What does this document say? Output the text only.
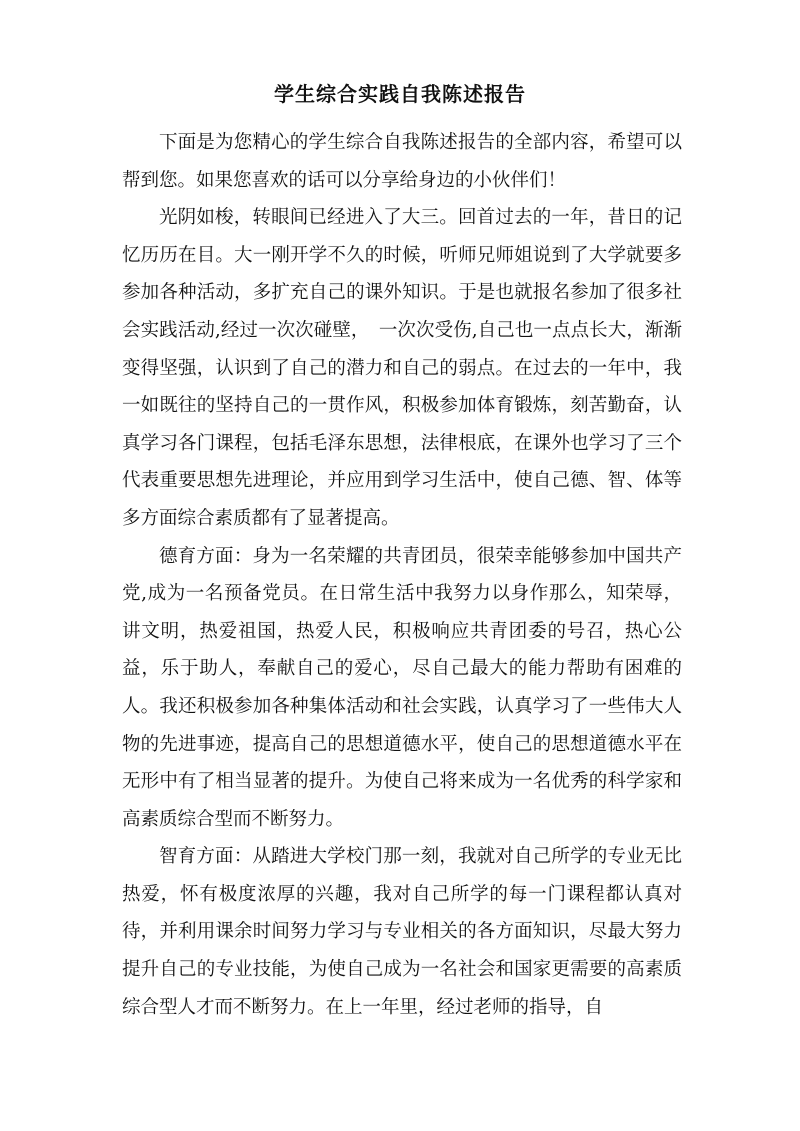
学生综合实践自我陈述报告

下面是为您精心的学生综合自我陈述报告的全部内容，希望可以帮到您。如果您喜欢的话可以分享给身边的小伙伴们！

光阴如梭，转眼间已经进入了大三。回首过去的一年，昔日的记忆历历在目。大一刚开学不久的时候，听师兄师姐说到了大学就要多参加各种活动，多扩充自己的课外知识。于是也就报名参加了很多社会实践活动,经过一次次碰壁，　一次次受伤,自己也一点点长大，渐渐变得坚强，认识到了自己的潜力和自己的弱点。在过去的一年中，我一如既往的坚持自己的一贯作风，积极参加体育锻炼，刻苦勤奋，认真学习各门课程，包括毛泽东思想，法律根底，在课外也学习了三个代表重要思想先进理论，并应用到学习生活中，使自己德、智、体等多方面综合素质都有了显著提高。

德育方面：身为一名荣耀的共青团员，很荣幸能够参加中国共产党,成为一名预备党员。在日常生活中我努力以身作那么，知荣辱，讲文明，热爱祖国，热爱人民，积极响应共青团委的号召，热心公益，乐于助人，奉献自己的爱心，尽自己最大的能力帮助有困难的人。我还积极参加各种集体活动和社会实践，认真学习了一些伟大人物的先进事迹，提高自己的思想道德水平，使自己的思想道德水平在无形中有了相当显著的提升。为使自己将来成为一名优秀的科学家和高素质综合型而不断努力。

智育方面：从踏进大学校门那一刻，我就对自己所学的专业无比热爱，怀有极度浓厚的兴趣，我对自己所学的每一门课程都认真对待，并利用课余时间努力学习与专业相关的各方面知识，尽最大努力提升自己的专业技能，为使自己成为一名社会和国家更需要的高素质综合型人才而不断努力。在上一年里，经过老师的指导，自
